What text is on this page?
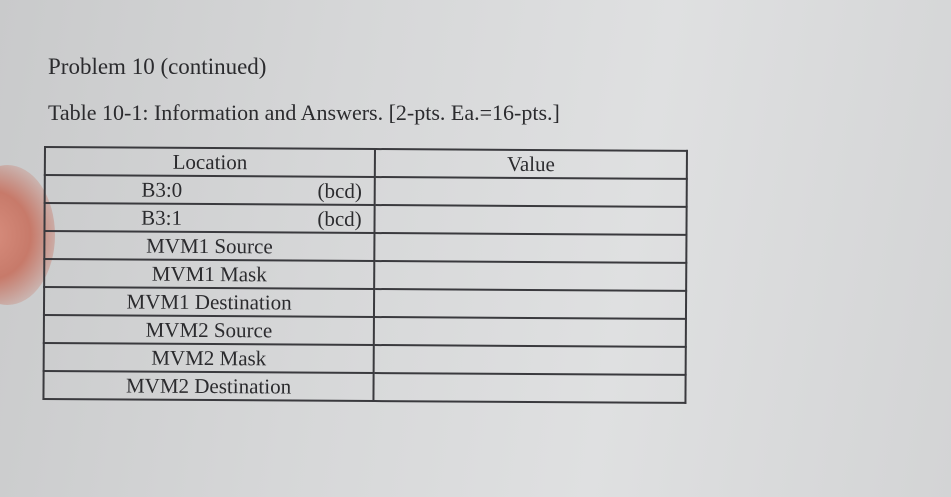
Problem 10 (continued)
Table 10-1: Information and Answers. [2-pts. Ea.=16-pts.]
Location	Value
B3:0 (bcd)	

B3:1 (bcd)	

MVM1 Source	
MVM1 Mask	
MVM1 Destination	
MVM2 Source	
MVM2 Mask	
MVM2 Destination	
